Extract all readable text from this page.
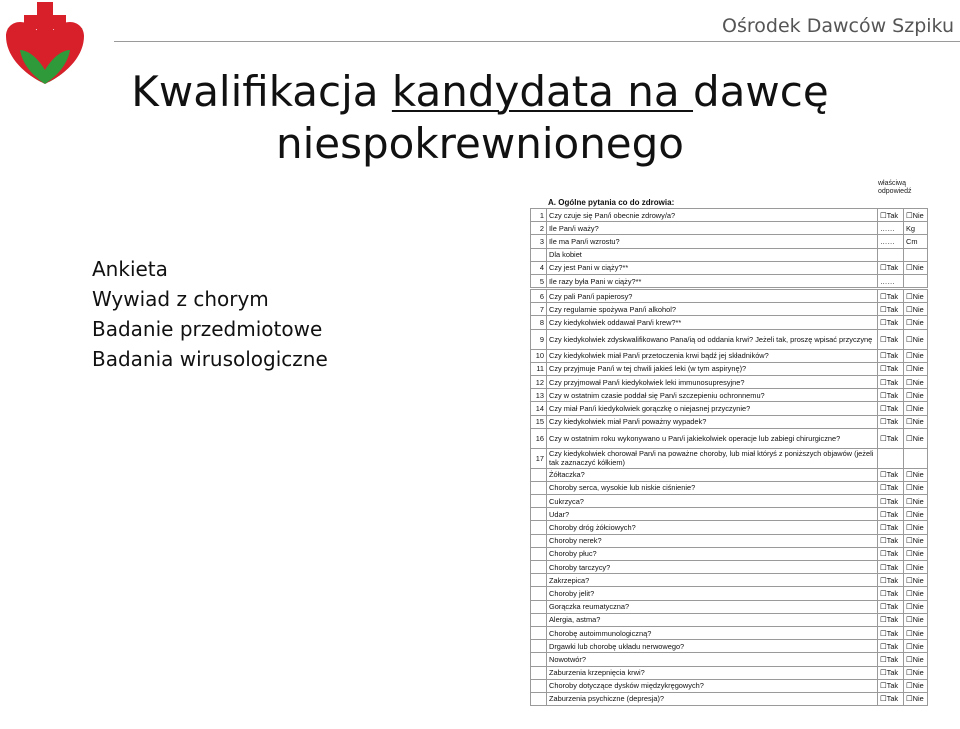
Ośrodek Dawców Szpiku
Kwalifikacja kandydata na dawcę
niespokrewnionego
Ankieta
Wywiad z chorym
Badanie przedmiotowe
Badania wirusologiczne
właściwą
odpowiedź
A. Ogólne pytania co do zdrowia:
1	Czy czuje się Pan/i obecnie zdrowy/a?	☐Tak	☐Nie
2	Ile Pan/i waży?	……	Kg
3	Ile ma Pan/i wzrostu?	……	Cm
	Dla kobiet		
4	Czy jest Pani w ciąży?**	☐Tak	☐Nie
5	Ile razy była Pani w ciąży?**	……	
6	Czy pali Pan/i papierosy?	☐Tak	☐Nie
7	Czy regularnie spożywa Pan/i alkohol?	☐Tak	☐Nie
8	Czy kiedykolwiek oddawał Pan/i krew?**	☐Tak	☐Nie
9	Czy kiedykolwiek zdyskwalifikowano Pana/ią od oddania krwi? Jeżeli tak, proszę wpisać przyczynę	☐Tak	☐Nie
10	Czy kiedykolwiek miał Pan/i przetoczenia krwi bądź jej składników?	☐Tak	☐Nie
11	Czy przyjmuje Pan/i w tej chwili jakieś leki (w tym aspirynę)?	☐Tak	☐Nie
12	Czy przyjmował Pan/i kiedykolwiek leki immunosupresyjne?	☐Tak	☐Nie
13	Czy w ostatnim czasie poddał się Pan/i szczepieniu ochronnemu?	☐Tak	☐Nie
14	Czy miał Pan/i kiedykolwiek gorączkę o niejasnej przyczynie?	☐Tak	☐Nie
15	Czy kiedykolwiek miał Pan/i poważny wypadek?	☐Tak	☐Nie
16	Czy w ostatnim roku wykonywano u Pan/i jakiekolwiek operacje lub zabiegi chirurgiczne?	☐Tak	☐Nie
17	Czy kiedykolwiek chorował Pan/i na poważne choroby, lub miał któryś z poniższych objawów (jeżeli tak zaznaczyć kółkiem)		
	Żółtaczka?	☐Tak	☐Nie
	Choroby serca, wysokie lub niskie ciśnienie?	☐Tak	☐Nie
	Cukrzyca?	☐Tak	☐Nie
	Udar?	☐Tak	☐Nie
	Choroby dróg żółciowych?	☐Tak	☐Nie
	Choroby nerek?	☐Tak	☐Nie
	Choroby płuc?	☐Tak	☐Nie
	Choroby tarczycy?	☐Tak	☐Nie
	Zakrzepica?	☐Tak	☐Nie
	Choroby jelit?	☐Tak	☐Nie
	Gorączka reumatyczna?	☐Tak	☐Nie
	Alergia, astma?	☐Tak	☐Nie
	Chorobę autoimmunologiczną?	☐Tak	☐Nie
	Drgawki lub chorobę układu nerwowego?	☐Tak	☐Nie
	Nowotwór?	☐Tak	☐Nie
	Zaburzenia krzepnięcia krwi?	☐Tak	☐Nie
	Choroby dotyczące dysków międzykręgowych?	☐Tak	☐Nie
	Zaburzenia psychiczne (depresja)?	☐Tak	☐Nie
